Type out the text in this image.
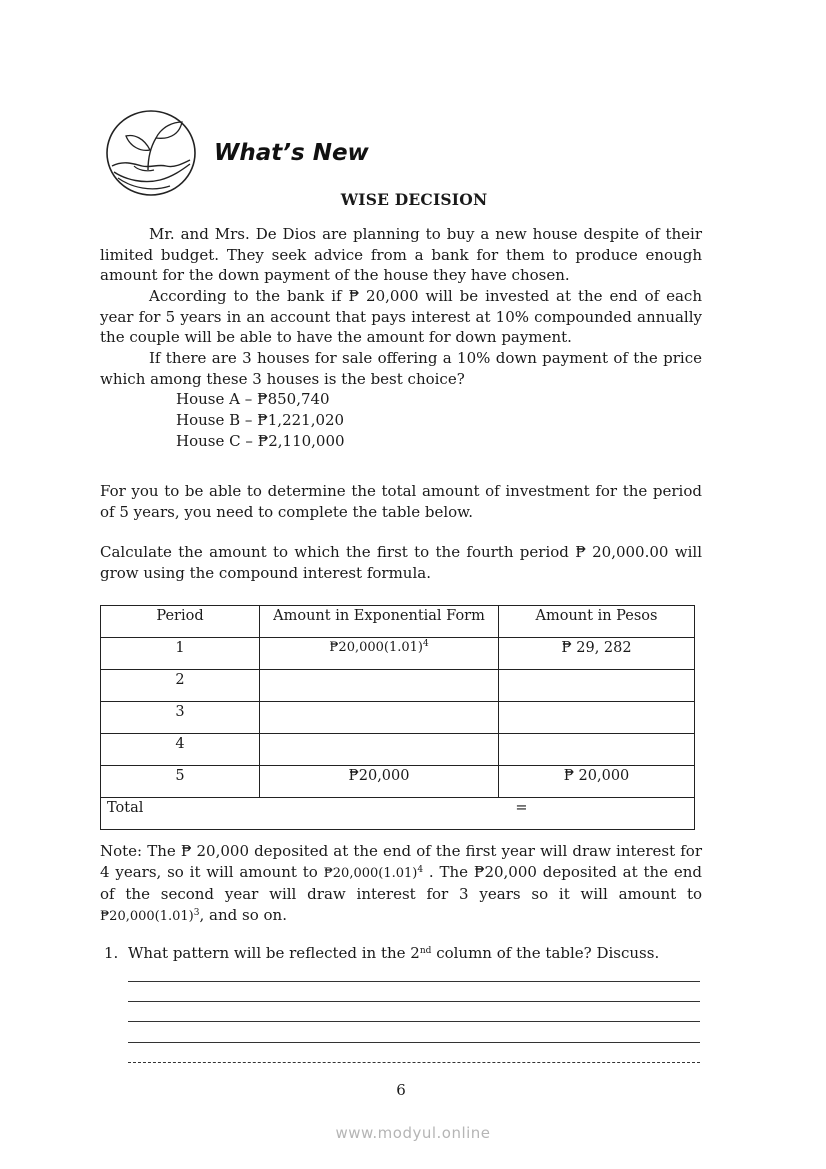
What’s New
WISE DECISION

Mr. and Mrs. De Dios are planning to buy a new house despite of their limited budget. They seek advice from a bank for them to produce enough amount for the down payment of the house they have chosen.

According to the bank if ₱ 20,000 will be invested at the end of each year for 5 years in an account that pays interest at 10% compounded annually the couple will be able to have the amount for down payment.

If there are 3 houses for sale offering a 10% down payment of the price which among these 3 houses is the best choice?

House A – ₱850,740
House B – ₱1,221,020
House C – ₱2,110,000

For you to be able to determine the total amount of investment for the period of 5 years, you need to complete the table below.

Calculate the amount to which the first to the fourth period ₱ 20,000.00 will grow using the compound interest formula.

Period	Amount in Exponential Form	Amount in Pesos
1	$₱20,000(1.01)^4$	₱ 29, 282
2		
3		
4		
5	₱20,000	₱ 20,000
Total =		

Note: The ₱ 20,000 deposited at the end of the first year will draw interest for 4 years, so it will amount to $₱20,000(1.01)^4$ . The ₱20,000 deposited at the end of the second year will draw interest for 3 years so it will amount to $₱20,000(1.01)^3$, and so on.

1. What pattern will be reflected in the 2nd column of the table? Discuss.
6
www.modyul.online
